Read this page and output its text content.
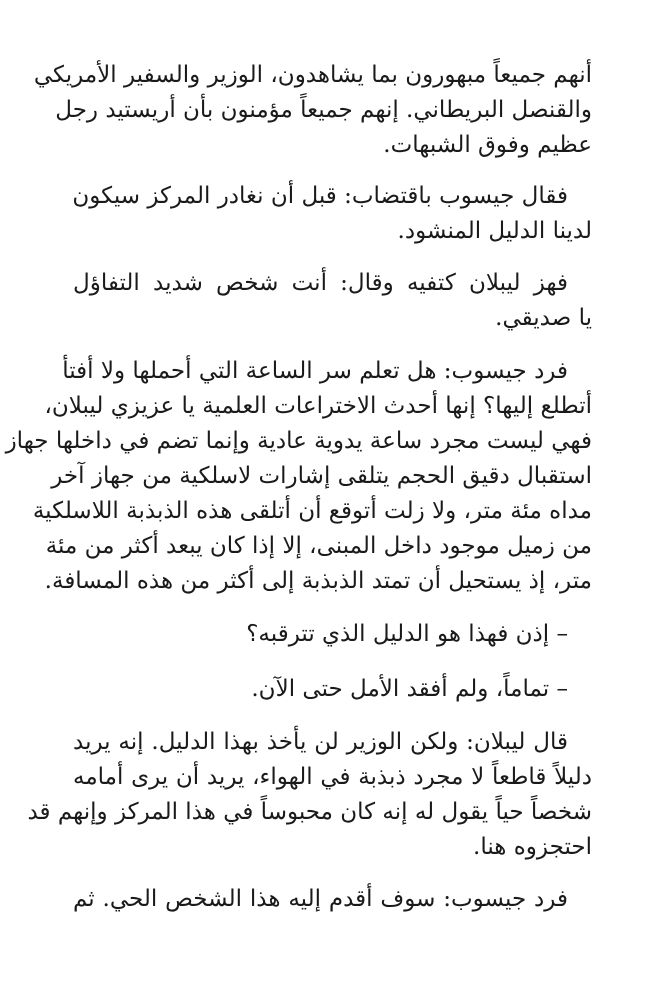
أنهم جميعاً مبهورون بما يشاهدون، الوزير والسفير الأمريكي
والقنصل البريطاني. إنهم جميعاً مؤمنون بأن أريستيد رجل
عظيم وفوق الشبهات.
فقال جيسوب باقتضاب: قبل أن نغادر المركز سيكون
لدينا الدليل المنشود.
فهز ليبلان كتفيه وقال: أنت شخص شديد التفاؤل
يا صديقي.
فرد جيسوب: هل تعلم سر الساعة التي أحملها ولا أفتأ
أتطلع إليها؟ إنها أحدث الاختراعات العلمية يا عزيزي ليبلان،
فهي ليست مجرد ساعة يدوية عادية وإنما تضم في داخلها جهاز
استقبال دقيق الحجم يتلقى إشارات لاسلكية من جهاز آخر
مداه مئة متر، ولا زلت أتوقع أن أتلقى هذه الذبذبة اللاسلكية
من زميل موجود داخل المبنى، إلا إذا كان يبعد أكثر من مئة
متر، إذ يستحيل أن تمتد الذبذبة إلى أكثر من هذه المسافة.
– إذن فهذا هو الدليل الذي تترقبه؟
– تماماً، ولم أفقد الأمل حتى الآن.
قال ليبلان: ولكن الوزير لن يأخذ بهذا الدليل. إنه يريد
دليلاً قاطعاً لا مجرد ذبذبة في الهواء، يريد أن يرى أمامه
شخصاً حياً يقول له إنه كان محبوساً في هذا المركز وإنهم قد
احتجزوه هنا.
فرد جيسوب: سوف أقدم إليه هذا الشخص الحي. ثم
